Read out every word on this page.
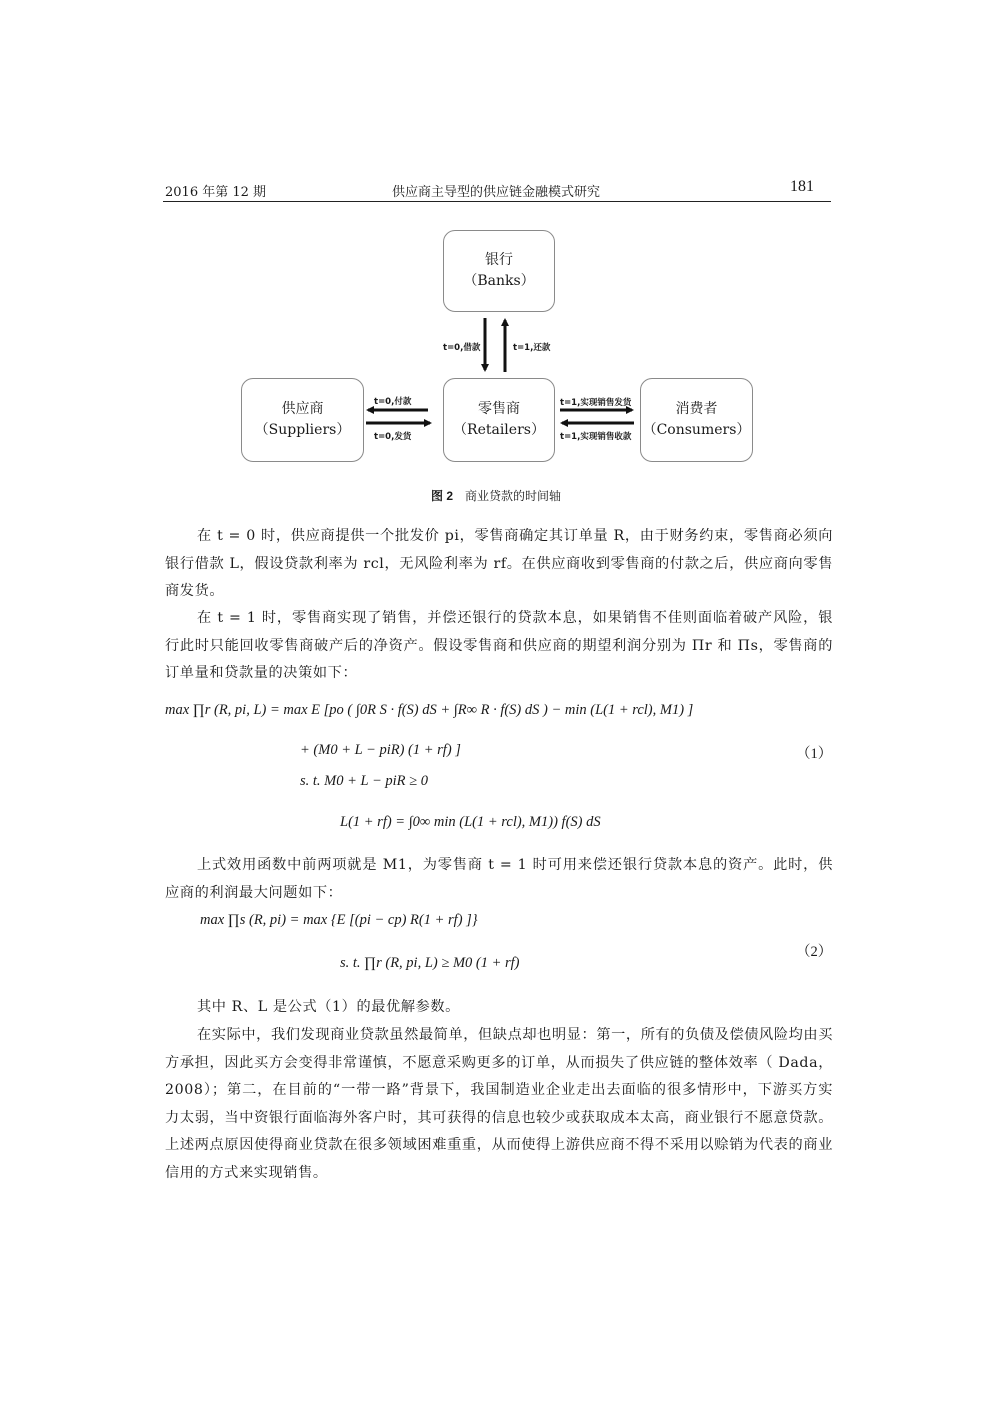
2016 年第 12 期	供应商主导型的供应链金融模式研究	181
银行
（Banks）
供应商
（Suppliers）
零售商
（Retailers）
消费者
（Consumers）
t=0,借款	t=1,还款
t=0,付款
t=0,发货
t=1,实现销售发货
t=1,实现销售收款
图 2 商业贷款的时间轴
在 t = 0 时，供应商提供一个批发价 pi，零售商确定其订单量 R，由于财务约束，零售商必须向银行借款 L，假设贷款利率为 rcl，无风险利率为 rf。在供应商收到零售商的付款之后，供应商向零售商发货。
在 t = 1 时，零售商实现了销售，并偿还银行的贷款本息，如果销售不佳则面临着破产风险，银行此时只能回收零售商破产后的净资产。假设零售商和供应商的期望利润分别为 Πr 和 Πs，零售商的订单量和贷款量的决策如下：
max ∏r (R, pi, L) = max E [po ( ∫0R S · f(S) dS + ∫R∞ R · f(S) dS ) − min (L(1 + rcl), M1) ]
+ (M0 + L − piR) (1 + rf) ]	（1）
s. t. M0 + L − piR ≥ 0
L(1 + rf) = ∫0∞ min (L(1 + rcl), M1)) f(S) dS
上式效用函数中前两项就是 M1，为零售商 t = 1 时可用来偿还银行贷款本息的资产。此时，供应商的利润最大问题如下：
max ∏s (R, pi) = max {E [(pi − cp) R(1 + rf) ]}
s. t. ∏r (R, pi, L) ≥ M0 (1 + rf)
（2）
其中 R、L 是公式（1）的最优解参数。
在实际中，我们发现商业贷款虽然最简单，但缺点却也明显：第一，所有的负债及偿债风险均由买方承担，因此买方会变得非常谨慎，不愿意采购更多的订单，从而损失了供应链的整体效率（ Dada，2008）；第二，在目前的“一带一路”背景下，我国制造业企业走出去面临的很多情形中，下游买方实力太弱，当中资银行面临海外客户时，其可获得的信息也较少或获取成本太高，商业银行不愿意贷款。上述两点原因使得商业贷款在很多领域困难重重，从而使得上游供应商不得不采用以赊销为代表的商业信用的方式来实现销售。
